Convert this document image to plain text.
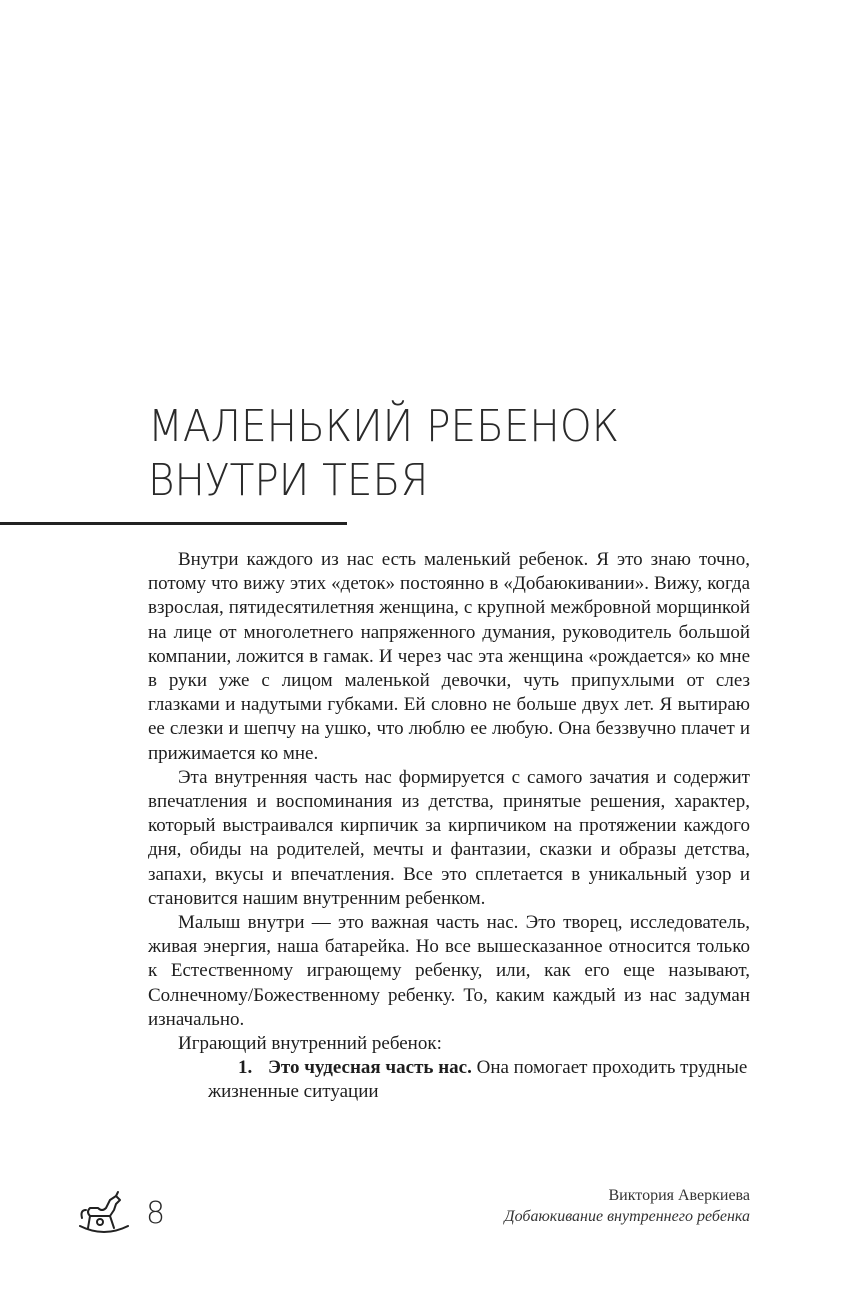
МАЛЕНЬКИЙ РЕБЕНОК
ВНУТРИ ТЕБЯ

Внутри каждого из нас есть маленький ребенок. Я это знаю точно, потому что вижу этих «деток» постоянно в «Добаюкивании». Вижу, когда взрослая, пятидесятилетняя женщина, с крупной межбровной морщинкой на лице от многолетнего напряженного думания, руководитель большой компании, ложится в гамак. И через час эта женщина «рождается» ко мне в руки уже с лицом маленькой девочки, чуть припухлыми от слез глазками и надутыми губками. Ей словно не больше двух лет. Я вытираю ее слезки и шепчу на ушко, что люблю ее любую. Она беззвучно плачет и прижимается ко мне.

Эта внутренняя часть нас формируется с самого зачатия и содержит впечатления и воспоминания из детства, принятые решения, характер, который выстраивался кирпичик за кирпичиком на протяжении каждого дня, обиды на родителей, мечты и фантазии, сказки и образы детства, запахи, вкусы и впечатления. Все это сплетается в уникальный узор и становится нашим внутренним ребенком.

Малыш внутри — это важная часть нас. Это творец, исследователь, живая энергия, наша батарейка. Но все вышесказанное относится только к Естественному играющему ребенку, или, как его еще называют, Солнечному/Божественному ребенку. То, каким каждый из нас задуман изначально.

Играющий внутренний ребенок:

1. Это чудесная часть нас. Она помогает проходить трудные жизненные ситуации

8
Виктория Аверкиева
Добаюкивание внутреннего ребенка
